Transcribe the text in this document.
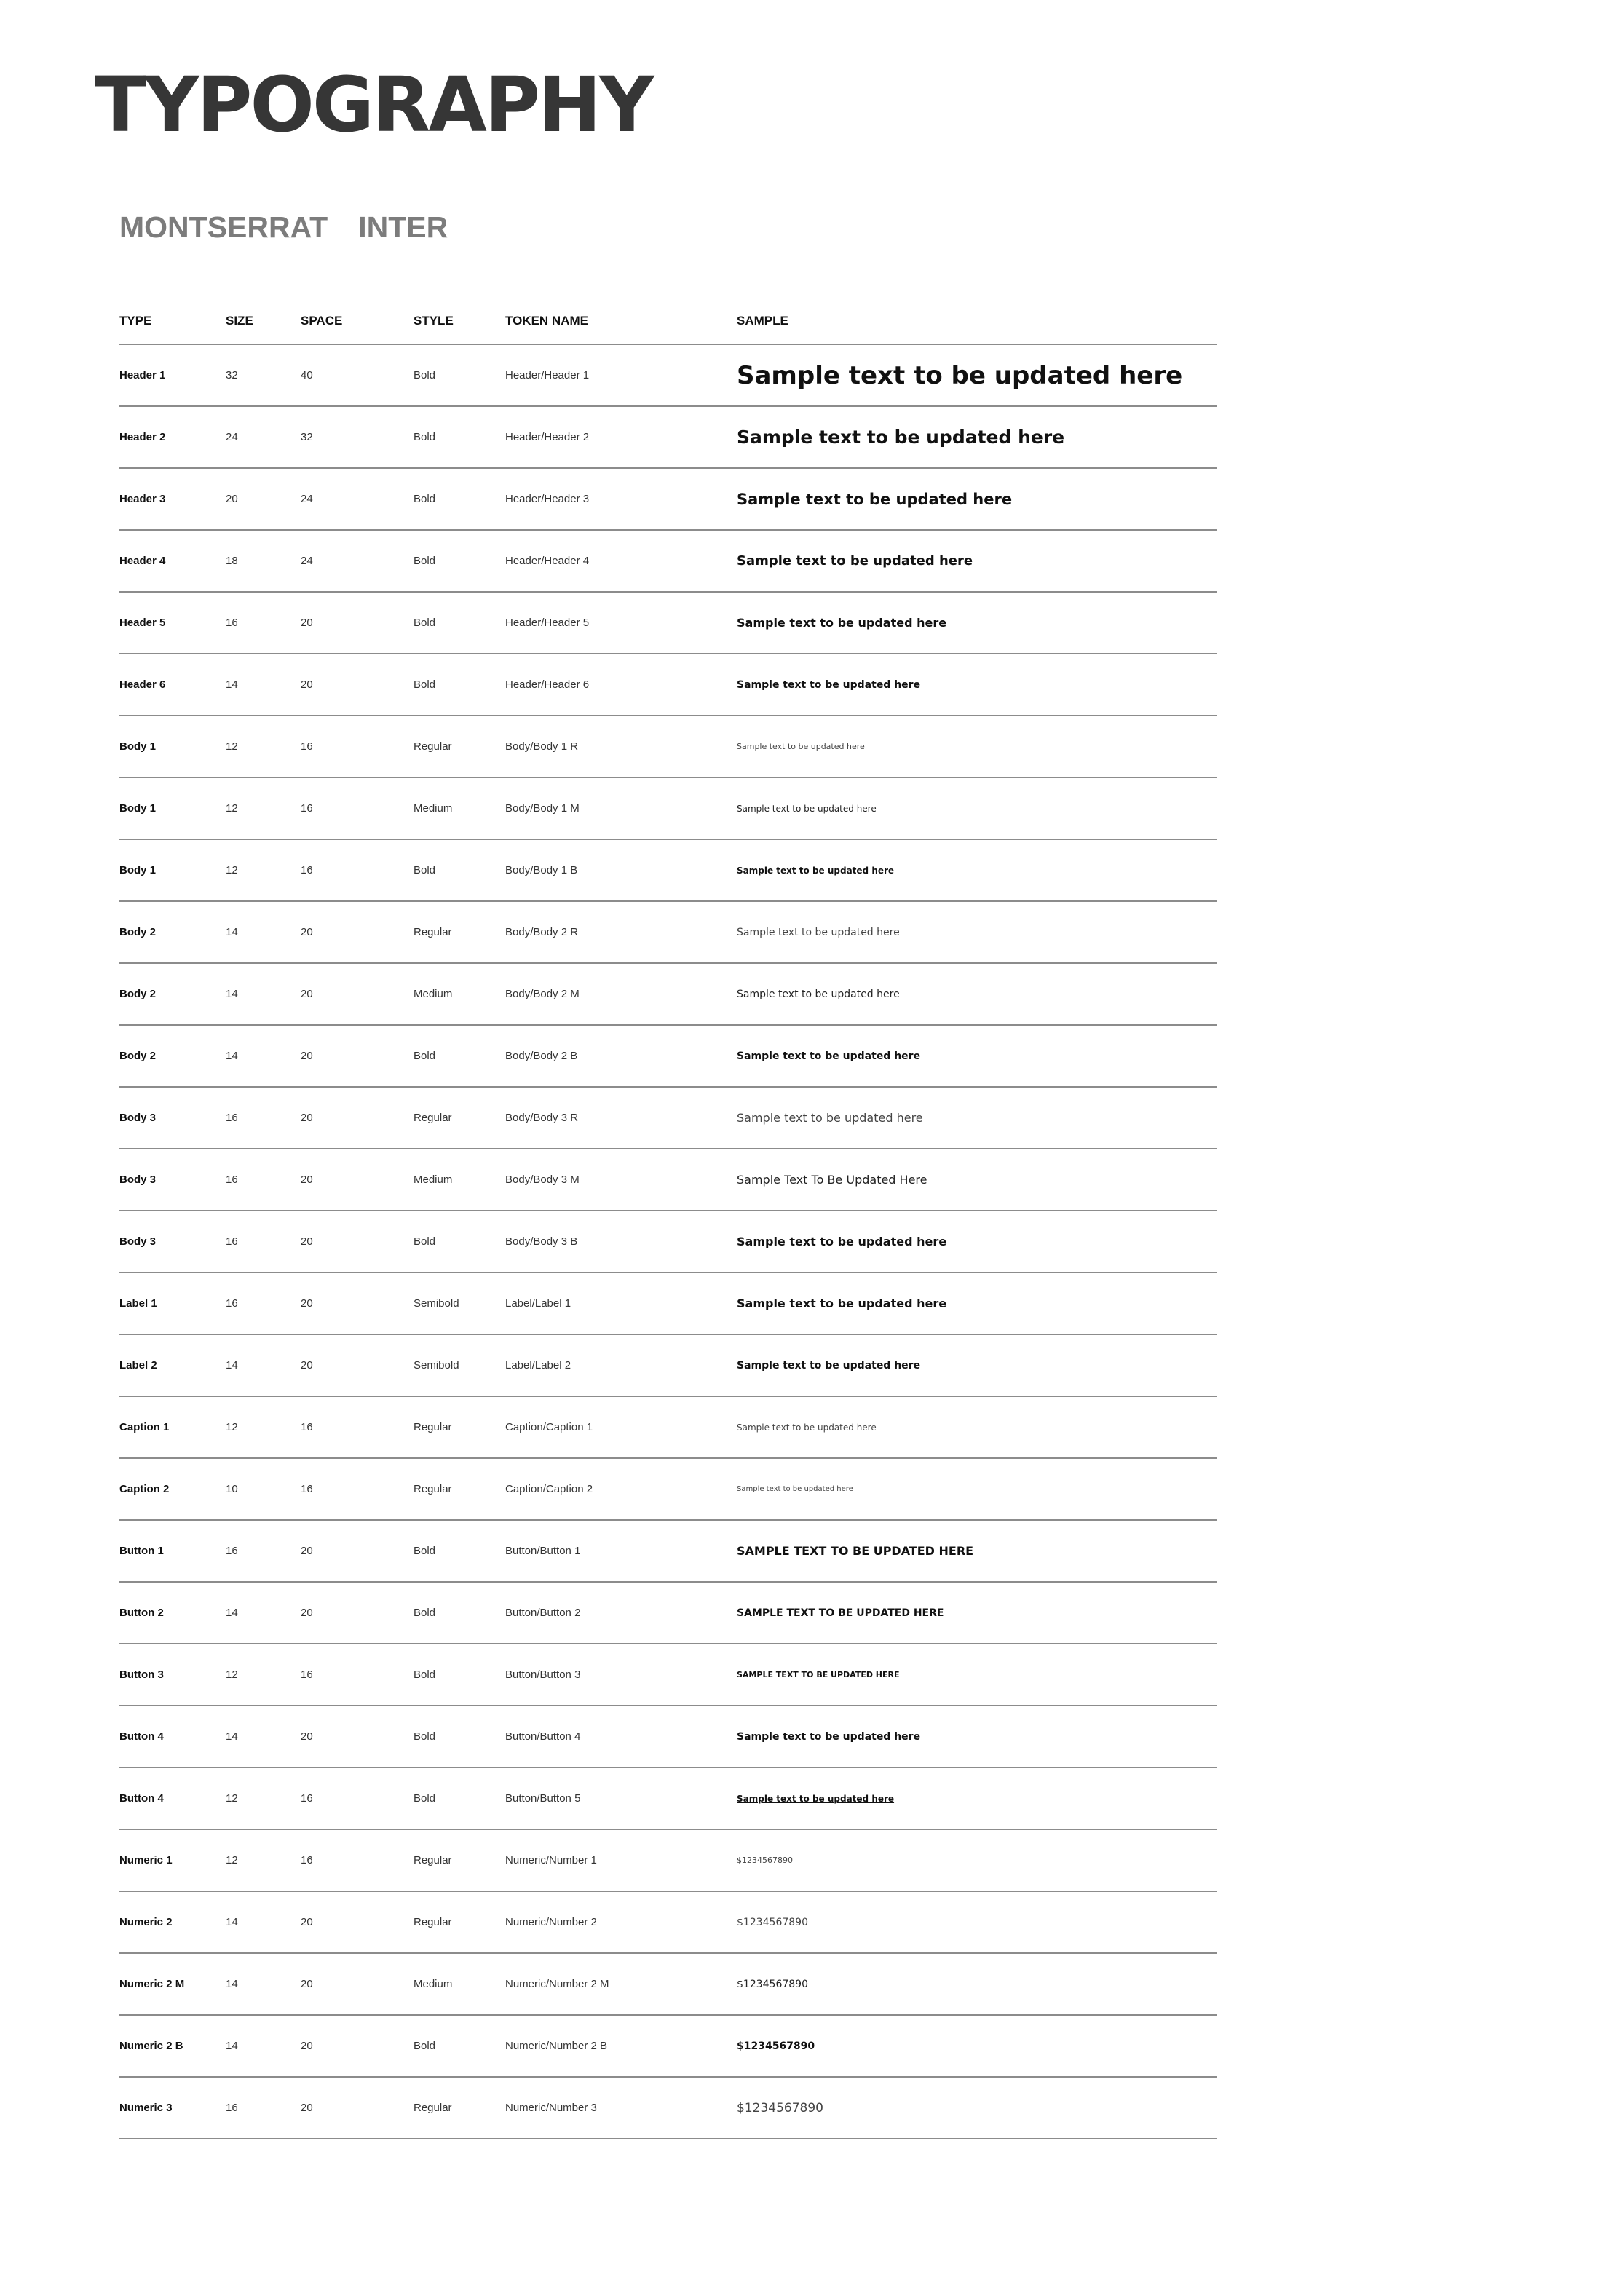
TYPOGRAPHY
MONTSERRAT INTER
TYPE	SIZE	SPACE	STYLE	TOKEN NAME	SAMPLE
Header 1	32	40	Bold	Header/Header 1	Sample text to be updated here
Header 2	24	32	Bold	Header/Header 2	Sample text to be updated here
Header 3	20	24	Bold	Header/Header 3	Sample text to be updated here
Header 4	18	24	Bold	Header/Header 4	Sample text to be updated here
Header 5	16	20	Bold	Header/Header 5	Sample text to be updated here
Header 6	14	20	Bold	Header/Header 6	Sample text to be updated here
Body 1	12	16	Regular	Body/Body 1 R	Sample text to be updated here
Body 1	12	16	Medium	Body/Body 1 M	Sample text to be updated here
Body 1	12	16	Bold	Body/Body 1 B	Sample text to be updated here
Body 2	14	20	Regular	Body/Body 2 R	Sample text to be updated here
Body 2	14	20	Medium	Body/Body 2 M	Sample text to be updated here
Body 2	14	20	Bold	Body/Body 2 B	Sample text to be updated here
Body 3	16	20	Regular	Body/Body 3 R	Sample text to be updated here
Body 3	16	20	Medium	Body/Body 3 M	Sample Text To Be Updated Here
Body 3	16	20	Bold	Body/Body 3 B	Sample text to be updated here
Label 1	16	20	Semibold	Label/Label 1	Sample text to be updated here
Label 2	14	20	Semibold	Label/Label 2	Sample text to be updated here
Caption 1	12	16	Regular	Caption/Caption 1	Sample text to be updated here
Caption 2	10	16	Regular	Caption/Caption 2	Sample text to be updated here
Button 1	16	20	Bold	Button/Button 1	SAMPLE TEXT TO BE UPDATED HERE
Button 2	14	20	Bold	Button/Button 2	SAMPLE TEXT TO BE UPDATED HERE
Button 3	12	16	Bold	Button/Button 3	SAMPLE TEXT TO BE UPDATED HERE
Button 4	14	20	Bold	Button/Button 4	Sample text to be updated here
Button 4	12	16	Bold	Button/Button 5	Sample text to be updated here
Numeric 1	12	16	Regular	Numeric/Number 1	$1234567890
Numeric 2	14	20	Regular	Numeric/Number 2	$1234567890
Numeric 2 M	14	20	Medium	Numeric/Number 2 M	$1234567890
Numeric 2 B	14	20	Bold	Numeric/Number 2 B	$1234567890
Numeric 3	16	20	Regular	Numeric/Number 3	$1234567890
